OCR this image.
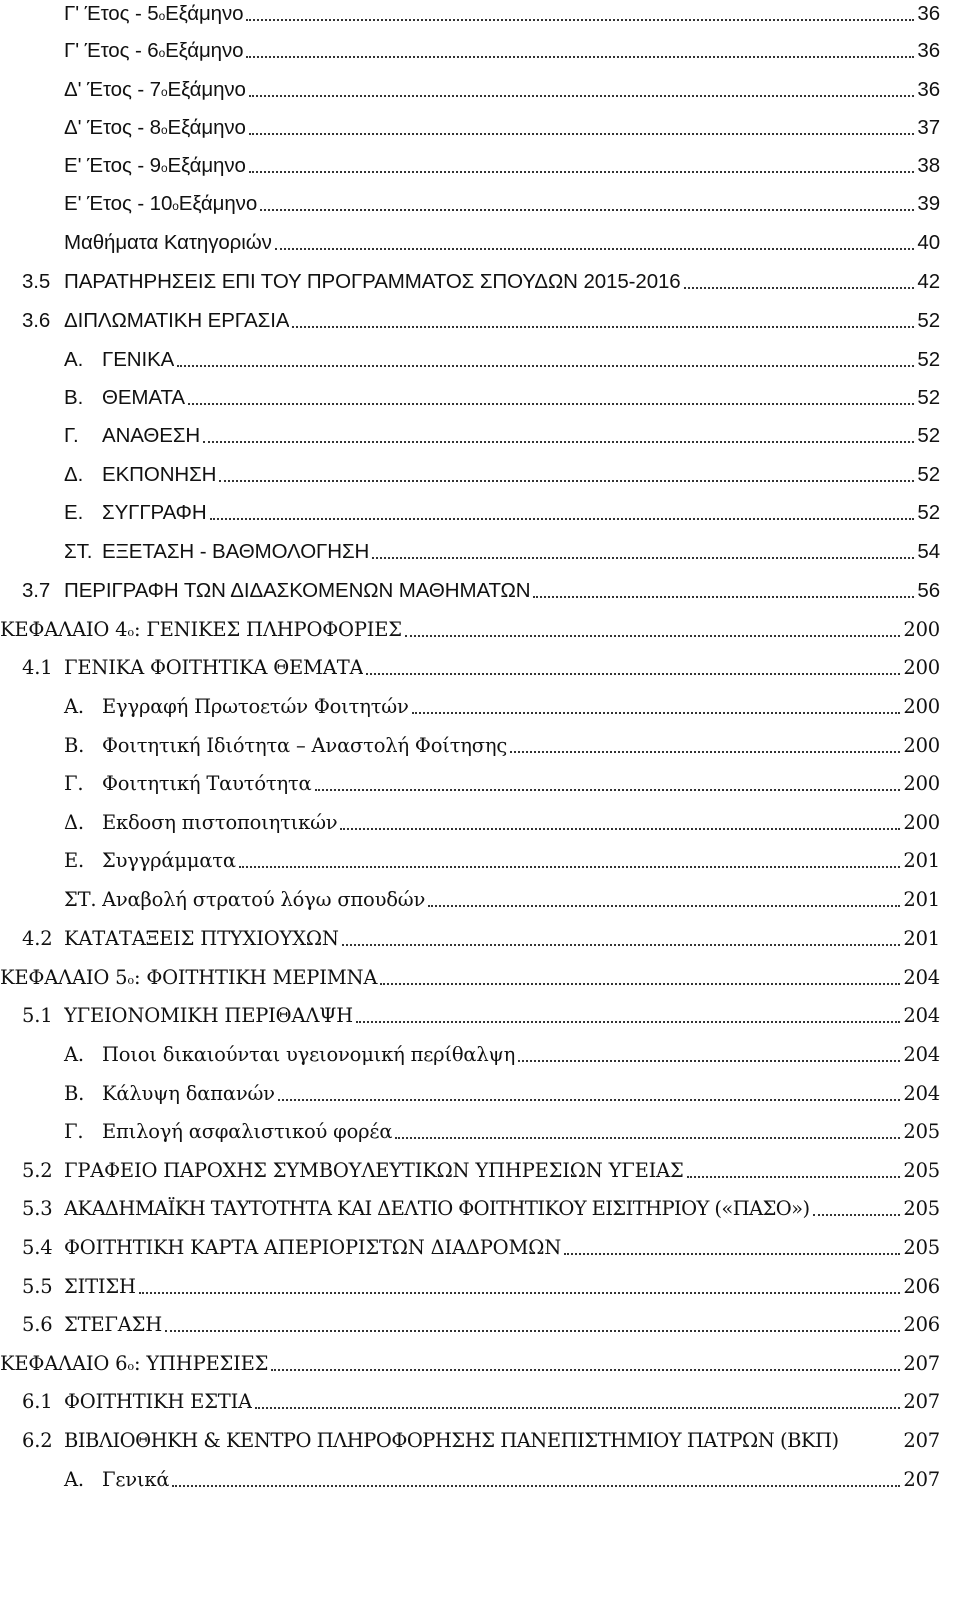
Γ' Έτος - 5 ο Εξάμηνο	36
Γ' Έτος - 6 ο Εξάμηνο	36
Δ' Έτος - 7 ο Εξάμηνο	36
Δ' Έτος - 8 ο Εξάμηνο	37
Ε' Έτος - 9 ο Εξάμηνο	38
Ε' Έτος - 10 ο Εξάμηνο	39
Μαθήματα Κατηγοριών	40
3.5 ΠΑΡΑΤΗΡΗΣΕΙΣ ΕΠΙ ΤΟΥ ΠΡΟΓΡΑΜΜΑΤΟΣ ΣΠΟΥΔΩΝ 2015-2016	42
3.6 ΔΙΠΛΩΜΑΤΙΚΗ ΕΡΓΑΣΙΑ	52
Α. ΓΕΝΙΚΑ	52
Β. ΘΕΜΑΤΑ	52
Γ.	ΑΝΑΘΕΣΗ	52
Δ. ΕΚΠΟΝΗΣΗ	52
Ε. ΣΥΓΓΡΑΦΗ	52
ΣΤ. ΕΞΕΤΑΣΗ - ΒΑΘΜΟΛΟΓΗΣΗ	54
3.7 ΠΕΡΙΓΡΑΦΗ ΤΩΝ ΔΙΔΑΣΚΟΜΕΝΩΝ ΜΑΘΗΜΑΤΩΝ	56
ΚΕΦΑΛΑΙΟ 4 ο : ΓΕΝΙΚΕΣ ΠΛΗΡΟΦΟΡΙΕΣ	200
4.1 ΓΕΝΙΚΑ ΦΟΙΤΗΤΙΚΑ ΘΕΜΑΤΑ	200
Α. Εγγραφή Πρωτοετών Φοιτητών	200
Β. Φοιτητική Ιδιότητα – Αναστολή Φοίτησης	200
Γ. Φοιτητική Ταυτότητα	200
Δ. Εκδοση πιστοποιητικών	200
Ε. Συγγράμματα	201
ΣΤ. Αναβολή στρατού λόγω σπουδών	201
4.2 ΚΑΤΑΤΑΞΕΙΣ ΠΤΥΧΙΟΥΧΩΝ	201
ΚΕΦΑΛΑΙΟ 5 ο : ΦΟΙΤΗΤΙΚΗ ΜΕΡΙΜΝΑ	204
5.1 ΥΓΕΙΟΝΟΜΙΚΗ ΠΕΡΙΘΑΛΨΗ	204
Α. Ποιοι δικαιούνται υγειονομική περίθαλψη	204
Β. Κάλυψη δαπανών	204
Γ. Επιλογή ασφαλιστικού φορέα	205
5.2 ΓΡΑΦΕΙΟ ΠΑΡΟΧΗΣ ΣΥΜΒΟΥΛΕΥΤΙΚΩΝ ΥΠΗΡΕΣΙΩΝ ΥΓΕΙΑΣ	205
5.3 ΑΚΑΔΗΜΑΪΚΗ ΤΑΥΤΟΤΗΤΑ ΚΑΙ ΔΕΛΤΙΟ ΦΟΙΤΗΤΙΚΟΥ ΕΙΣΙΤΗΡΙΟΥ («ΠΑΣΟ»)	205
5.4 ΦΟΙΤΗΤΙΚΗ ΚΑΡΤΑ ΑΠΕΡΙΟΡΙΣΤΩΝ ΔΙΑΔΡΟΜΩΝ	205
5.5 ΣΙΤΙΣΗ	206
5.6 ΣΤΕΓΑΣΗ	206
ΚΕΦΑΛΑΙΟ 6 ο : ΥΠΗΡΕΣΙΕΣ	207
6.1 ΦΟΙΤΗΤΙΚΗ ΕΣΤΙΑ	207
6.2 ΒΙΒΛΙΟΘΗΚΗ & ΚΕΝΤΡΟ ΠΛΗΡΟΦΟΡΗΣΗΣ ΠΑΝΕΠΙΣΤΗΜΙΟΥ ΠΑΤΡΩΝ (ΒΚΠ)	207
Α. Γενικά	207
